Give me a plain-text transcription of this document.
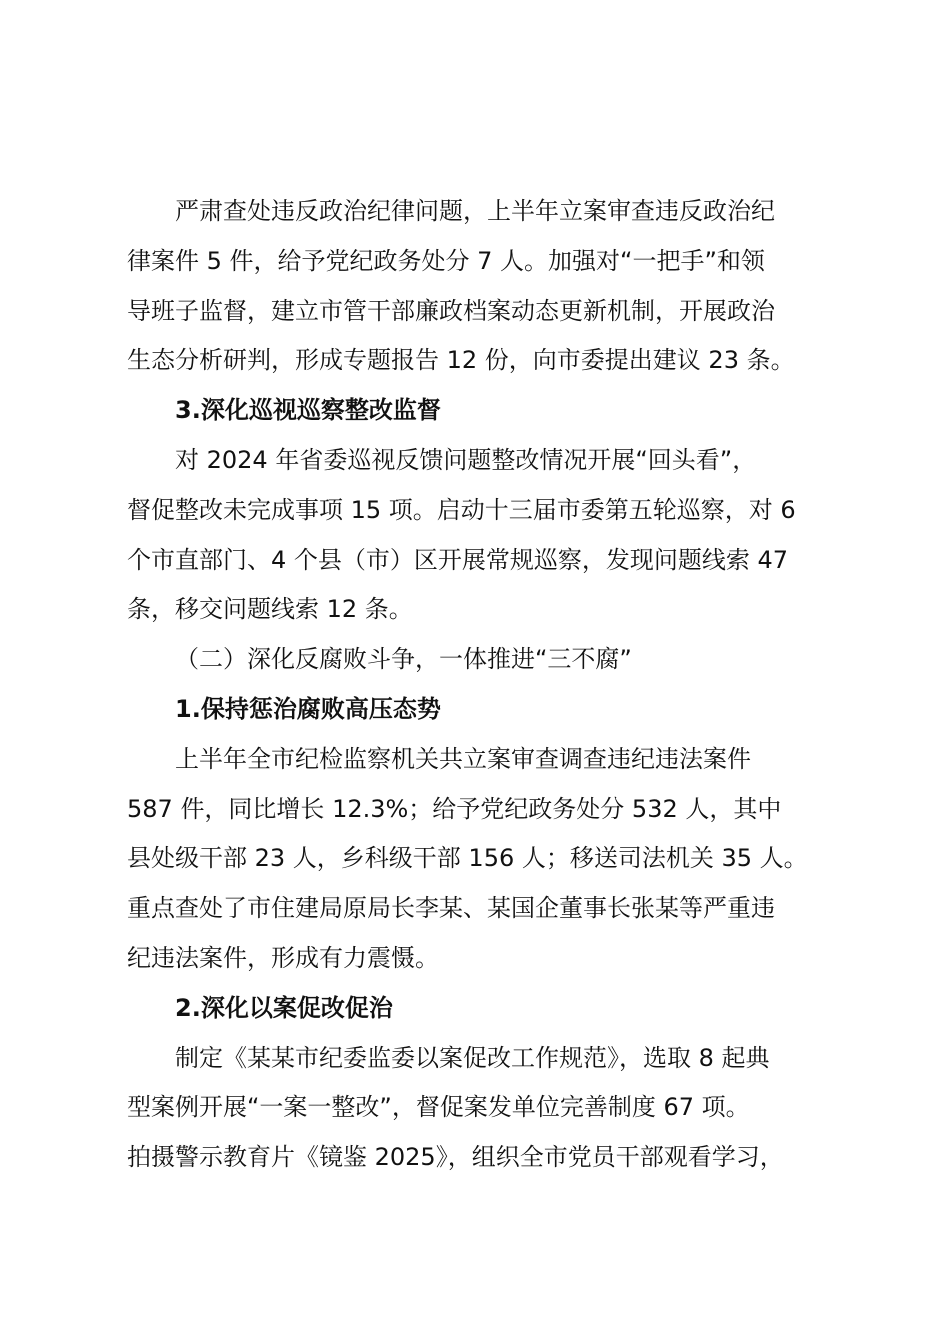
严肃查处违反政治纪律问题，上半年立案审查违反政治纪
律案件 5 件，给予党纪政务处分 7 人。加强对“一把手”和领
导班子监督，建立市管干部廉政档案动态更新机制，开展政治
生态分析研判，形成专题报告 12 份，向市委提出建议 23 条。

3.深化巡视巡察整改监督

对 2024 年省委巡视反馈问题整改情况开展“回头看”，
督促整改未完成事项 15 项。启动十三届市委第五轮巡察，对 6
个市直部门、4 个县（市）区开展常规巡察，发现问题线索 47
条，移交问题线索 12 条。

（二）深化反腐败斗争，一体推进“三不腐”

1.保持惩治腐败高压态势

上半年全市纪检监察机关共立案审查调查违纪违法案件
587 件，同比增长 12.3%；给予党纪政务处分 532 人，其中
县处级干部 23 人，乡科级干部 156 人；移送司法机关 35 人。
重点查处了市住建局原局长李某、某国企董事长张某等严重违
纪违法案件，形成有力震慑。

2.深化以案促改促治

制定《某某市纪委监委以案促改工作规范》，选取 8 起典
型案例开展“一案一整改”，督促案发单位完善制度 67 项。
拍摄警示教育片《镜鉴 2025》，组织全市党员干部观看学习，
